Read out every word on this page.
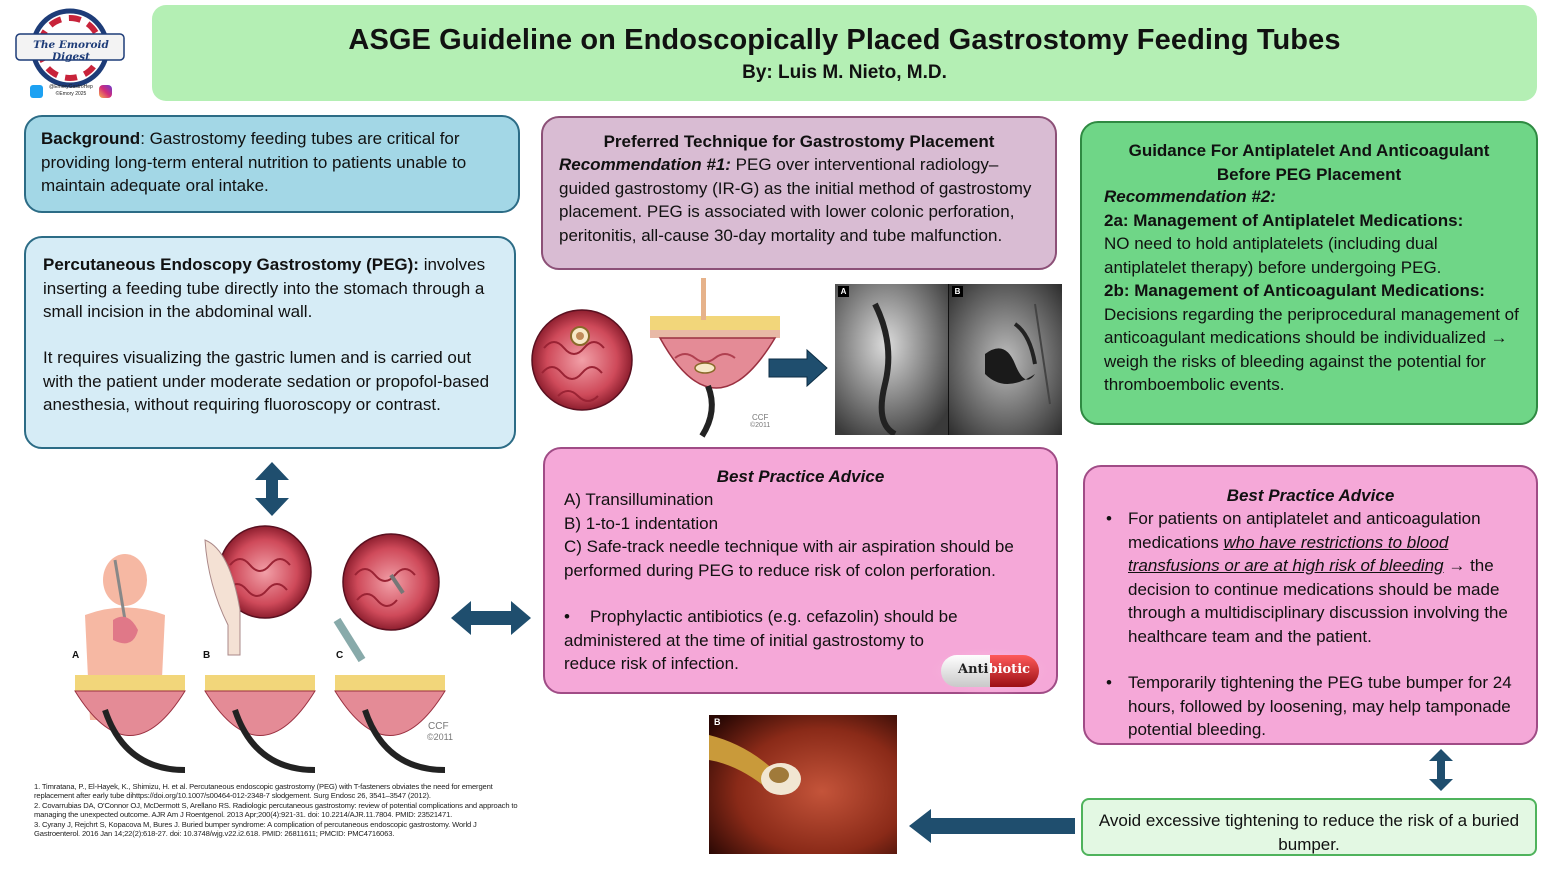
ASGE Guideline on Endoscopically Placed Gastrostomy Feeding Tubes
By: Luis M. Nieto, M.D.
The Emoroid Digest
@EmoryGastroHep
©Emory 2025
Background: Gastrostomy feeding tubes are critical for providing long-term enteral nutrition to patients unable to maintain adequate oral intake.
Percutaneous Endoscopy Gastrostomy (PEG): involves inserting a feeding tube directly into the stomach through a small incision in the abdominal wall.
It requires visualizing the gastric lumen and is carried out with the patient under moderate sedation or propofol-based anesthesia, without requiring fluoroscopy or contrast.
Preferred Technique for Gastrostomy Placement
Recommendation #1: PEG over interventional radiology–guided gastrostomy (IR-G) as the initial method of gastrostomy placement. PEG is associated with lower colonic perforation, peritonitis, all-cause 30-day mortality and tube malfunction.
Guidance For Antiplatelet And Anticoagulant Before PEG Placement
Recommendation #2:
2a: Management of Antiplatelet Medications:
NO need to hold antiplatelets (including dual antiplatelet therapy) before undergoing PEG.
2b: Management of Anticoagulant Medications:
Decisions regarding the periprocedural management of anticoagulant medications should be individualized → weigh the risks of bleeding against the potential for thromboembolic events.
Best Practice Advice
A) Transillumination
B) 1-to-1 indentation
C) Safe-track needle technique with air aspiration should be performed during PEG to reduce risk of colon perforation.
•	Prophylactic antibiotics (e.g. cefazolin) should be administered at the time of initial gastrostomy to reduce risk of infection.	Antibiotic
Best Practice Advice
• For patients on antiplatelet and anticoagulation medications who have restrictions to blood transfusions or are at high risk of bleeding → the decision to continue medications should be made through a multidisciplinary discussion involving the healthcare team and the patient.
• Temporarily tightening the PEG tube bumper for 24 hours, followed by loosening, may help tamponade potential bleeding.
Avoid excessive tightening to reduce the risk of a buried bumper.
CCF
©2011
A	B
A	B	C
CCF
©2011
B
1. Timratana, P., El-Hayek, K., Shimizu, H. et al. Percutaneous endoscopic gastrostomy (PEG) with T-fasteners obviates the need for emergent replacement after early tube dihttps://doi.org/10.1007/s00464-012-2348-7 slodgement. Surg Endosc 26, 3541–3547 (2012).
2. Covarrubias DA, O'Connor OJ, McDermott S, Arellano RS. Radiologic percutaneous gastrostomy: review of potential complications and approach to managing the unexpected outcome. AJR Am J Roentgenol. 2013 Apr;200(4):921-31. doi: 10.2214/AJR.11.7804. PMID: 23521471.
3. Cyrany J, Rejchrt S, Kopacova M, Bures J. Buried bumper syndrome: A complication of percutaneous endoscopic gastrostomy. World J Gastroenterol. 2016 Jan 14;22(2):618-27. doi: 10.3748/wjg.v22.i2.618. PMID: 26811611; PMCID: PMC4716063.
